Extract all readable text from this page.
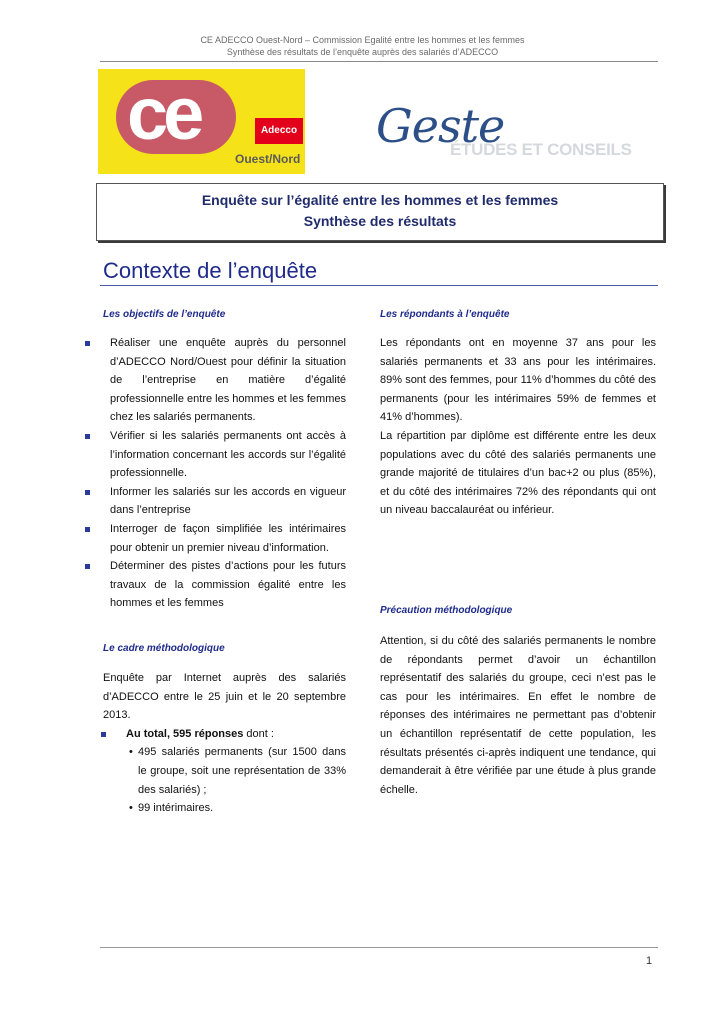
CE ADECCO Ouest-Nord – Commission Egalité entre les hommes et les femmes
Synthèse des résultats de l’enquête auprès des salariés d’ADECCO
ce	Adecco
Ouest/Nord	ÉTUDES ET CONSEILS
Geste
Enquête sur l’égalité entre les hommes et les femmes
Synthèse des résultats
Contexte de l’enquête
Les objectifs de l’enquête
Réaliser une enquête auprès du personnel d’ADECCO Nord/Ouest pour définir la situation de l’entreprise en matière d’égalité professionnelle entre les hommes et les femmes chez les salariés permanents.
Vérifier si les salariés permanents ont accès à l’information concernant les accords sur l’égalité professionnelle.
Informer les salariés sur les accords en vigueur dans l’entreprise
Interroger de façon simplifiée les intérimaires pour obtenir un premier niveau d’information.
Déterminer des pistes d’actions pour les futurs travaux de la commission égalité entre les hommes et les femmes
Le cadre méthodologique

Enquête par Internet auprès des salariés d’ADECCO entre le 25 juin et le 20 septembre 2013.

Au total, 595 réponses dont :
• 495 salariés permanents (sur 1500 dans le groupe, soit une représentation de 33% des salariés) ;
• 99 intérimaires.
Les répondants à l’enquête

Les répondants ont en moyenne 37 ans pour les salariés permanents et 33 ans pour les intérimaires. 89% sont des femmes, pour 11% d’hommes du côté des permanents (pour les intérimaires 59% de femmes et 41% d’hommes).

La répartition par diplôme est différente entre les deux populations avec du côté des salariés permanents une grande majorité de titulaires d’un bac+2 ou plus (85%), et du côté des intérimaires 72% des répondants qui ont un niveau baccalauréat ou inférieur.

Précaution méthodologique

Attention, si du côté des salariés permanents le nombre de répondants permet d’avoir un échantillon représentatif des salariés du groupe, ceci n’est pas le cas pour les intérimaires. En effet le nombre de réponses des intérimaires ne permettant pas d’obtenir un échantillon représentatif de cette population, les résultats présentés ci-après indiquent une tendance, qui demanderait à être vérifiée par une étude à plus grande échelle.

1
